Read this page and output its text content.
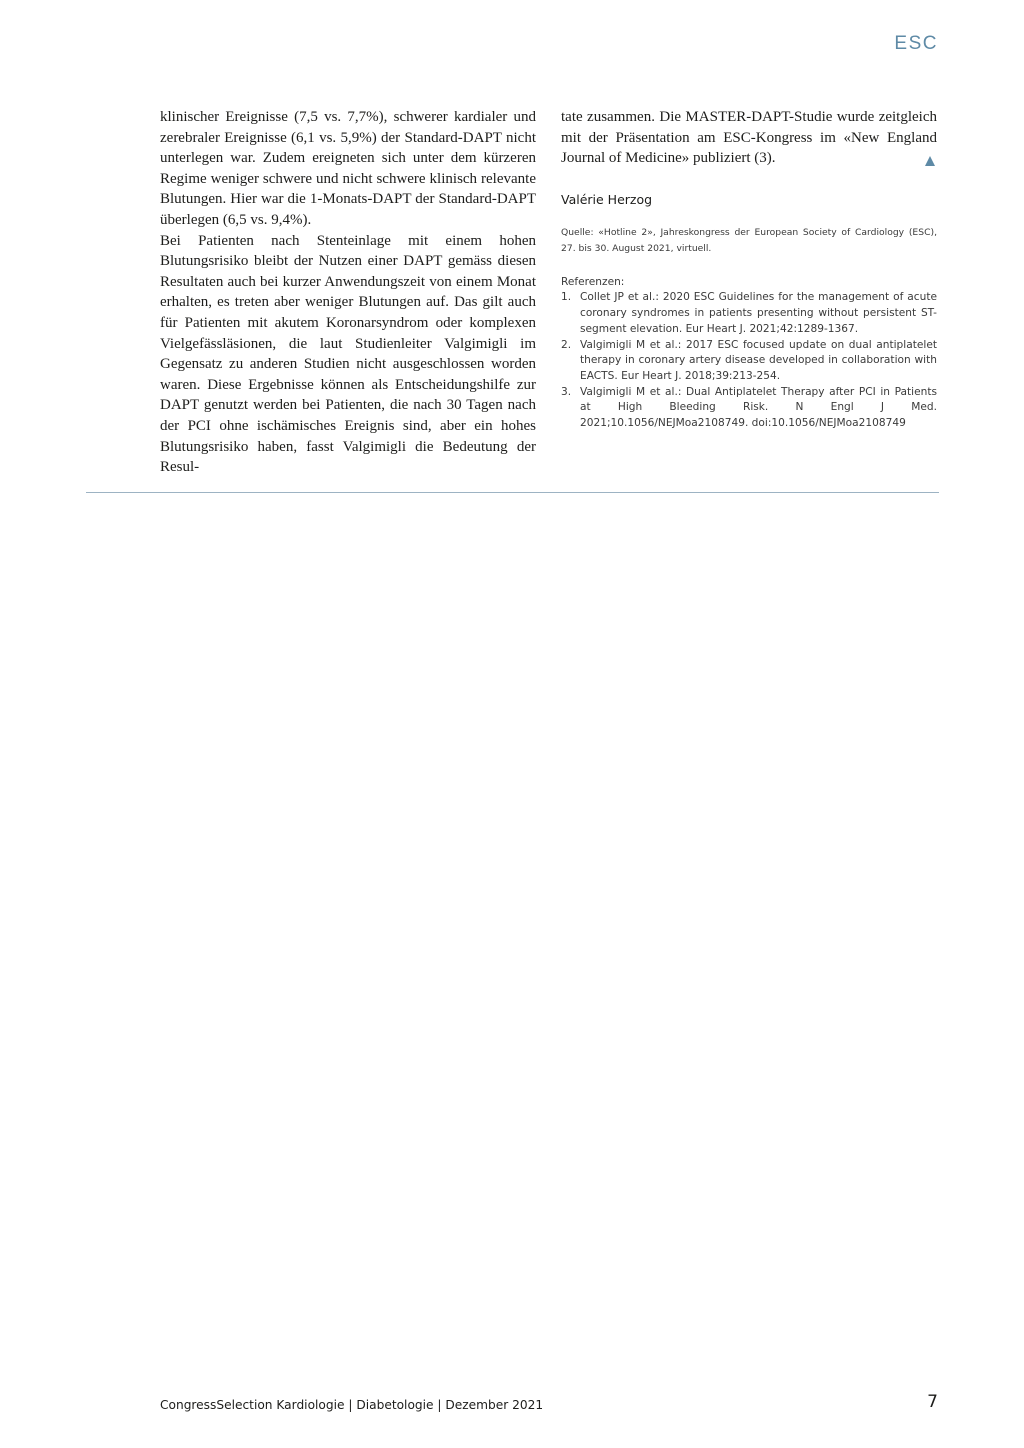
ESC

klinischer Ereignisse (7,5 vs. 7,7%), schwerer kardialer und zerebraler Ereignisse (6,1 vs. 5,9%) der Standard-DAPT nicht unterlegen war. Zudem ereigneten sich unter dem kürzeren Regime weniger schwere und nicht schwere klinisch relevante Blutungen. Hier war die 1-Monats-DAPT der Standard-DAPT überlegen (6,5 vs. 9,4%).

Bei Patienten nach Stenteinlage mit einem hohen Blutungsrisiko bleibt der Nutzen einer DAPT gemäss diesen Resultaten auch bei kurzer Anwendungszeit von einem Monat erhalten, es treten aber weniger Blutungen auf. Das gilt auch für Patienten mit akutem Koronarsyndrom oder komplexen Vielgefässläsionen, die laut Studienleiter Valgimigli im Gegensatz zu anderen Studien nicht ausgeschlossen worden waren. Diese Ergebnisse können als Entscheidungshilfe zur DAPT genutzt werden bei Patienten, die nach 30 Tagen nach der PCI ohne ischämisches Ereignis sind, aber ein hohes Blutungsrisiko haben, fasst Valgimigli die Bedeutung der Resul-

tate zusammen. Die MASTER-DAPT-Studie wurde zeitgleich mit der Präsentation am ESC-Kongress im «New England Journal of Medicine» publiziert (3).

Valérie Herzog
Quelle: «Hotline 2», Jahreskongress der European Society of Cardiology (ESC), 27. bis 30. August 2021, virtuell.
Referenzen:
1. Collet JP et al.: 2020 ESC Guidelines for the management of acute coronary syndromes in patients presenting without persistent ST-segment elevation. Eur Heart J. 2021;42:1289-1367.
2. Valgimigli M et al.: 2017 ESC focused update on dual antiplatelet therapy in coronary artery disease developed in collaboration with EACTS. Eur Heart J. 2018;39:213-254.
3. Valgimigli M et al.: Dual Antiplatelet Therapy after PCI in Patients at High Bleeding Risk. N Engl J Med. 2021;10.1056/NEJMoa2108749. doi:10.1056/NEJMoa2108749
CongressSelection Kardiologie | Diabetologie | Dezember 2021	7
